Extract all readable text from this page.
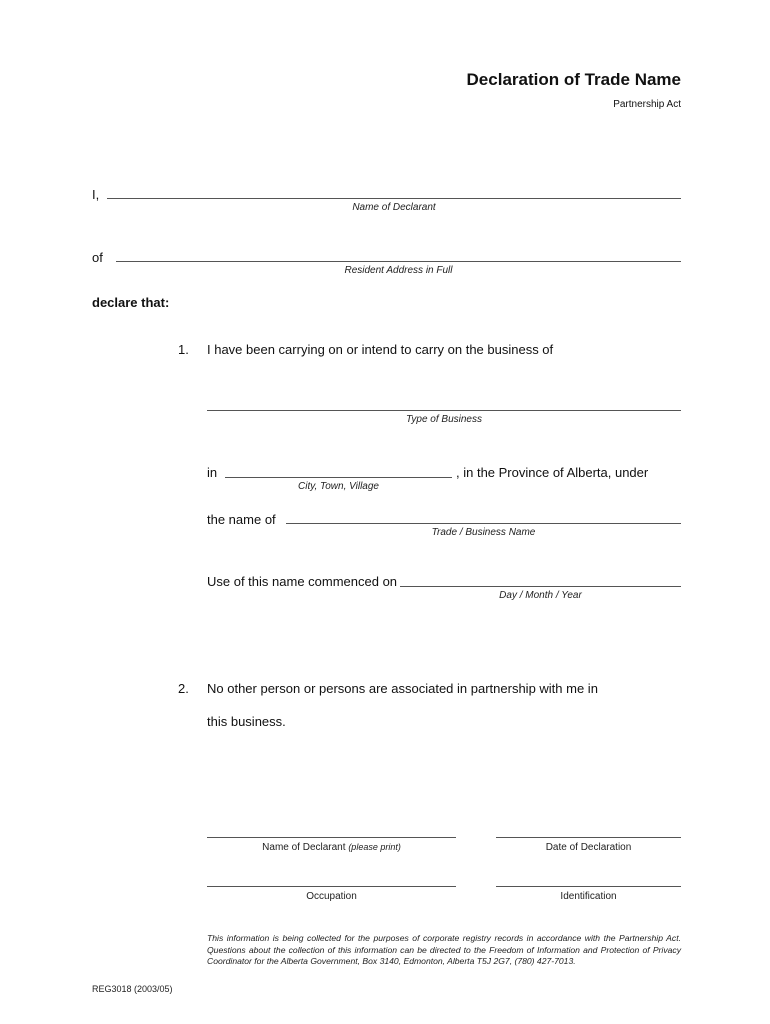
Declaration of Trade Name
Partnership Act
I,
Name of Declarant
of
Resident Address in Full
declare that:
1. I have been carrying on or intend to carry on the business of
Type of Business
in
City, Town, Village
, in the Province of Alberta, under
the name of
Trade / Business Name
Use of this name commenced on
Day / Month / Year
2. No other person or persons are associated in partnership with me in
this business.
Name of Declarant (please print)	Date of Declaration
Occupation	Identification
This information is being collected for the purposes of corporate registry records in accordance with the Partnership Act. Questions about the collection of this information can be directed to the Freedom of Information and Protection of Privacy Coordinator for the Alberta Government, Box 3140, Edmonton, Alberta T5J 2G7, (780) 427-7013.
REG3018 (2003/05)
